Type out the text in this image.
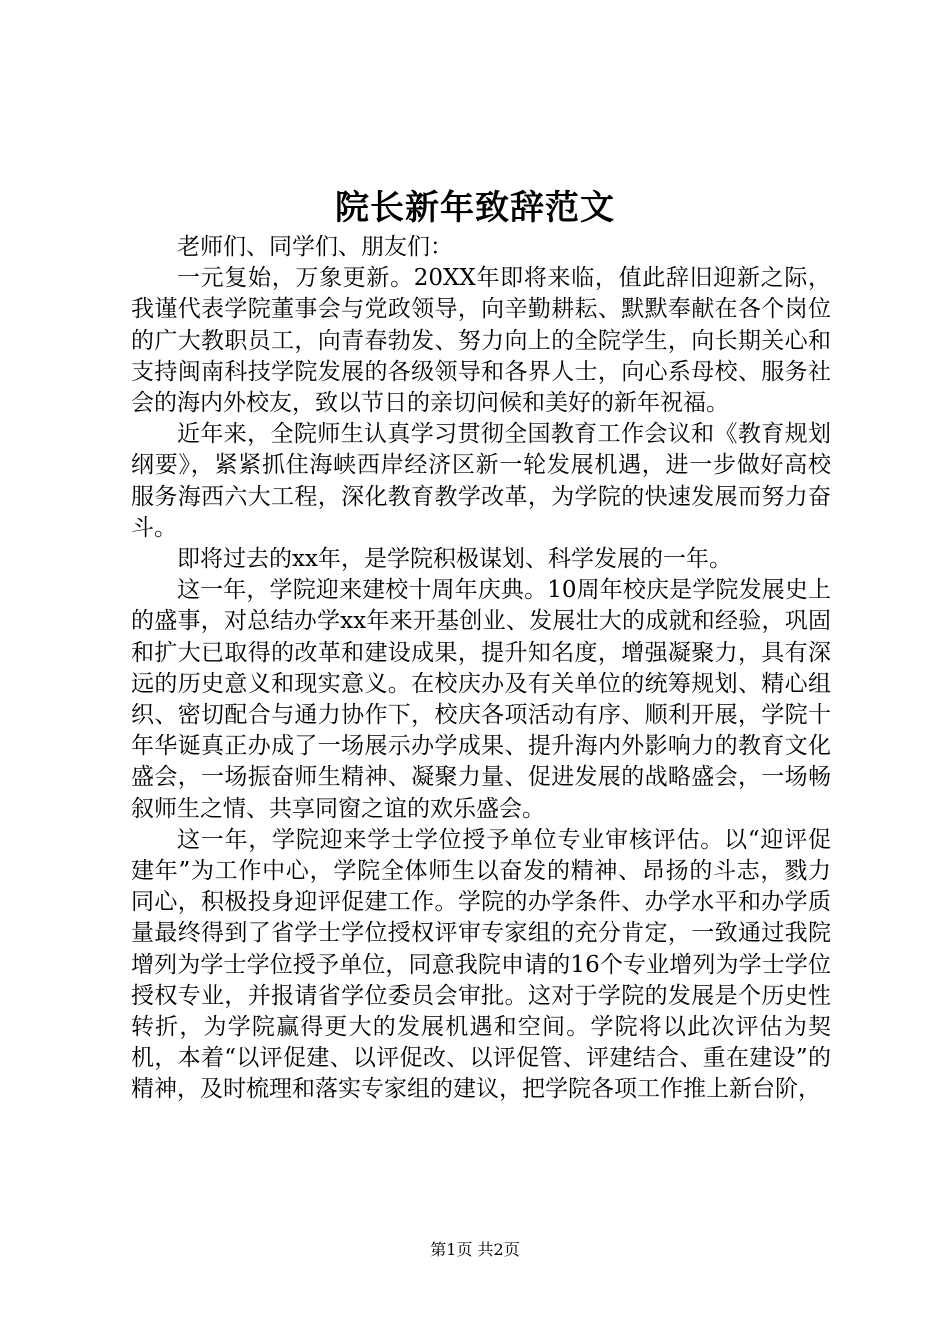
院长新年致辞范文

老师们、同学们、朋友们：

一元复始，万象更新。20XX年即将来临，值此辞旧迎新之际，我谨代表学院董事会与党政领导，向辛勤耕耘、默默奉献在各个岗位的广大教职员工，向青春勃发、努力向上的全院学生，向长期关心和支持闽南科技学院发展的各级领导和各界人士，向心系母校、服务社会的海内外校友，致以节日的亲切问候和美好的新年祝福。

近年来，全院师生认真学习贯彻全国教育工作会议和《教育规划纲要》，紧紧抓住海峡西岸经济区新一轮发展机遇，进一步做好高校服务海西六大工程，深化教育教学改革，为学院的快速发展而努力奋斗。

即将过去的xx年，是学院积极谋划、科学发展的一年。

这一年，学院迎来建校十周年庆典。10周年校庆是学院发展史上的盛事，对总结办学xx年来开基创业、发展壮大的成就和经验，巩固和扩大已取得的改革和建设成果，提升知名度，增强凝聚力，具有深远的历史意义和现实意义。在校庆办及有关单位的统筹规划、精心组织、密切配合与通力协作下，校庆各项活动有序、顺利开展，学院十年华诞真正办成了一场展示办学成果、提升海内外影响力的教育文化盛会，一场振奋师生精神、凝聚力量、促进发展的战略盛会，一场畅叙师生之情、共享同窗之谊的欢乐盛会。

这一年，学院迎来学士学位授予单位专业审核评估。以“迎评促建年”为工作中心，学院全体师生以奋发的精神、昂扬的斗志，戮力同心，积极投身迎评促建工作。学院的办学条件、办学水平和办学质量最终得到了省学士学位授权评审专家组的充分肯定，一致通过我院增列为学士学位授予单位，同意我院申请的16个专业增列为学士学位授权专业，并报请省学位委员会审批。这对于学院的发展是个历史性转折，为学院赢得更大的发展机遇和空间。学院将以此次评估为契机，本着“以评促建、以评促改、以评促管、评建结合、重在建设”的精神，及时梳理和落实专家组的建议，把学院各项工作推上新台阶，

第1页 共2页
